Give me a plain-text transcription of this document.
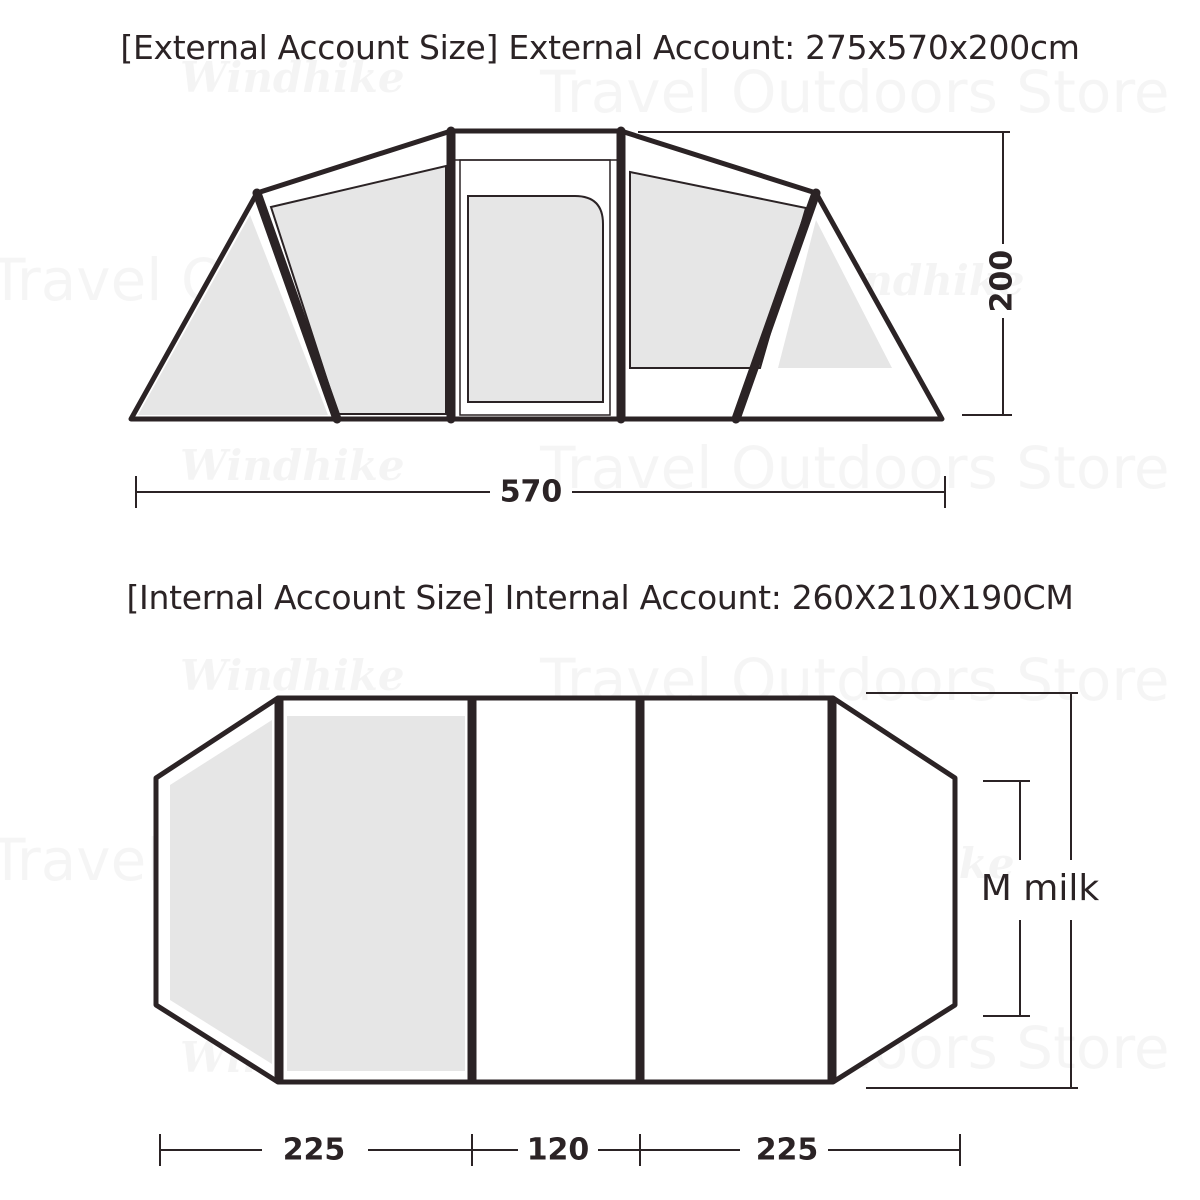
[External Account Size] External Account: 275x570x200cm
[Internal Account Size] Internal Account: 260X210X190CM
200
570
M milk
225	120	225
